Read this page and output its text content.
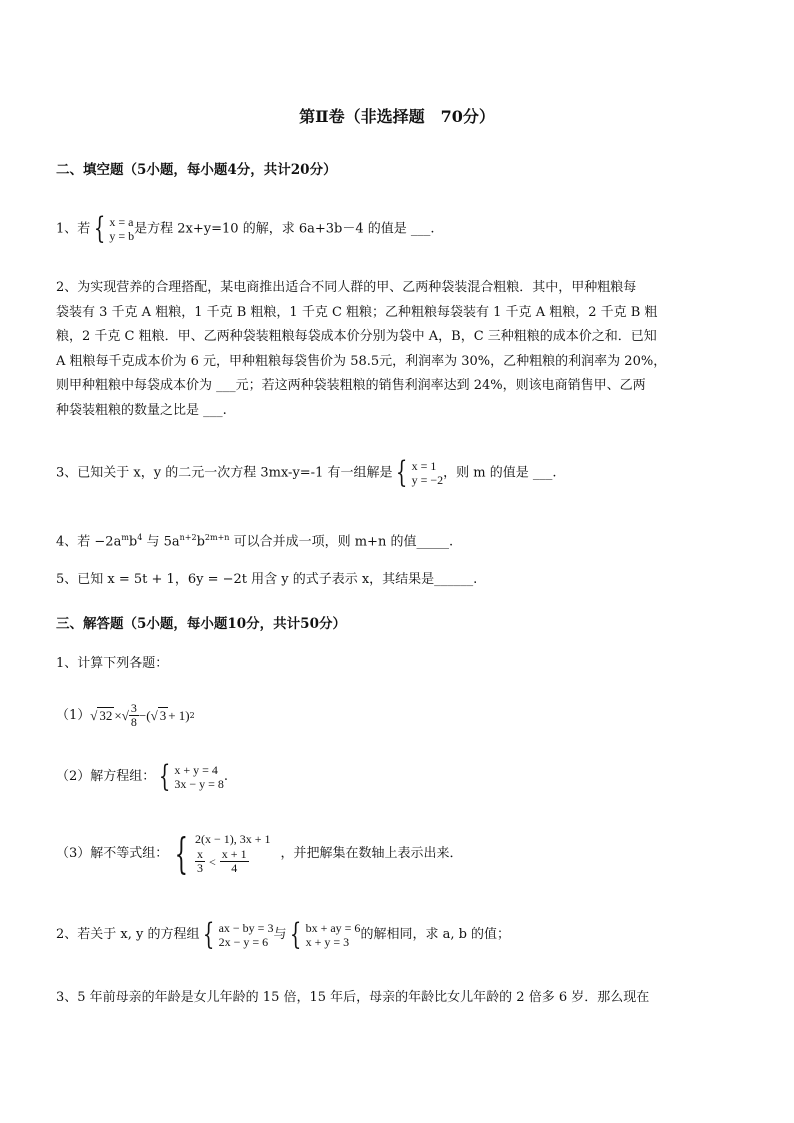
第Ⅱ卷（非选择题　70分）
二、填空题（5小题，每小题4分，共计20分）
1、若 { x = a
y = b 是方程 2x+y=10 的解，求 6a+3b－4 的值是 ___.
2、为实现营养的合理搭配，某电商推出适合不同人群的甲、乙两种袋装混合粗粮．其中，甲种粗粮每
袋装有 3 千克 A 粗粮，1 千克 B 粗粮，1 千克 C 粗粮；乙种粗粮每袋装有 1 千克 A 粗粮，2 千克 B 粗
粮，2 千克 C 粗粮．甲、乙两种袋装粗粮每袋成本价分别为袋中 A，B，C 三种粗粮的成本价之和．已知
A 粗粮每千克成本价为 6 元，甲种粗粮每袋售价为 58.5元，利润率为 30%，乙种粗粮的利润率为 20%，
则甲种粗粮中每袋成本价为 ___元；若这两种袋装粗粮的销售利润率达到 24%，则该电商销售甲、乙两
种袋装粗粮的数量之比是 ___.
3、已知关于 x，y 的二元一次方程 3mx-y=-1 有一组解是 { x = 1
y = −2 ，则 m 的值是 ___.
4、若 $-2a^mb^4$ 与 $5a^{n+2}b^{2m+n}$ 可以合并成一项，则 m+n 的值_____.
5、已知 x = 5t + 1，6y = −2t 用含 y 的式子表示 x，其结果是______.
三、解答题（5小题，每小题10分，共计50分）
1、计算下列各题：
（1） √ 32 × √ $\frac{3}{8}$ −( √ 3 + 1) 2
（2）解方程组： { x + y = 4
3x − y = 8 .
（3）解不等式组： { 2(x − 1), 3x + 1
$\frac{x}{3} < \frac{x + 1}{4}$ ，并把解集在数轴上表示出来．
2、若关于 x, y 的方程组 { ax − by = 3
2x − y = 6 与 { bx + ay = 6
x + y = 3 的解相同，求 a, b 的值；
3、5 年前母亲的年龄是女儿年龄的 15 倍，15 年后，母亲的年龄比女儿年龄的 2 倍多 6 岁．那么现在
